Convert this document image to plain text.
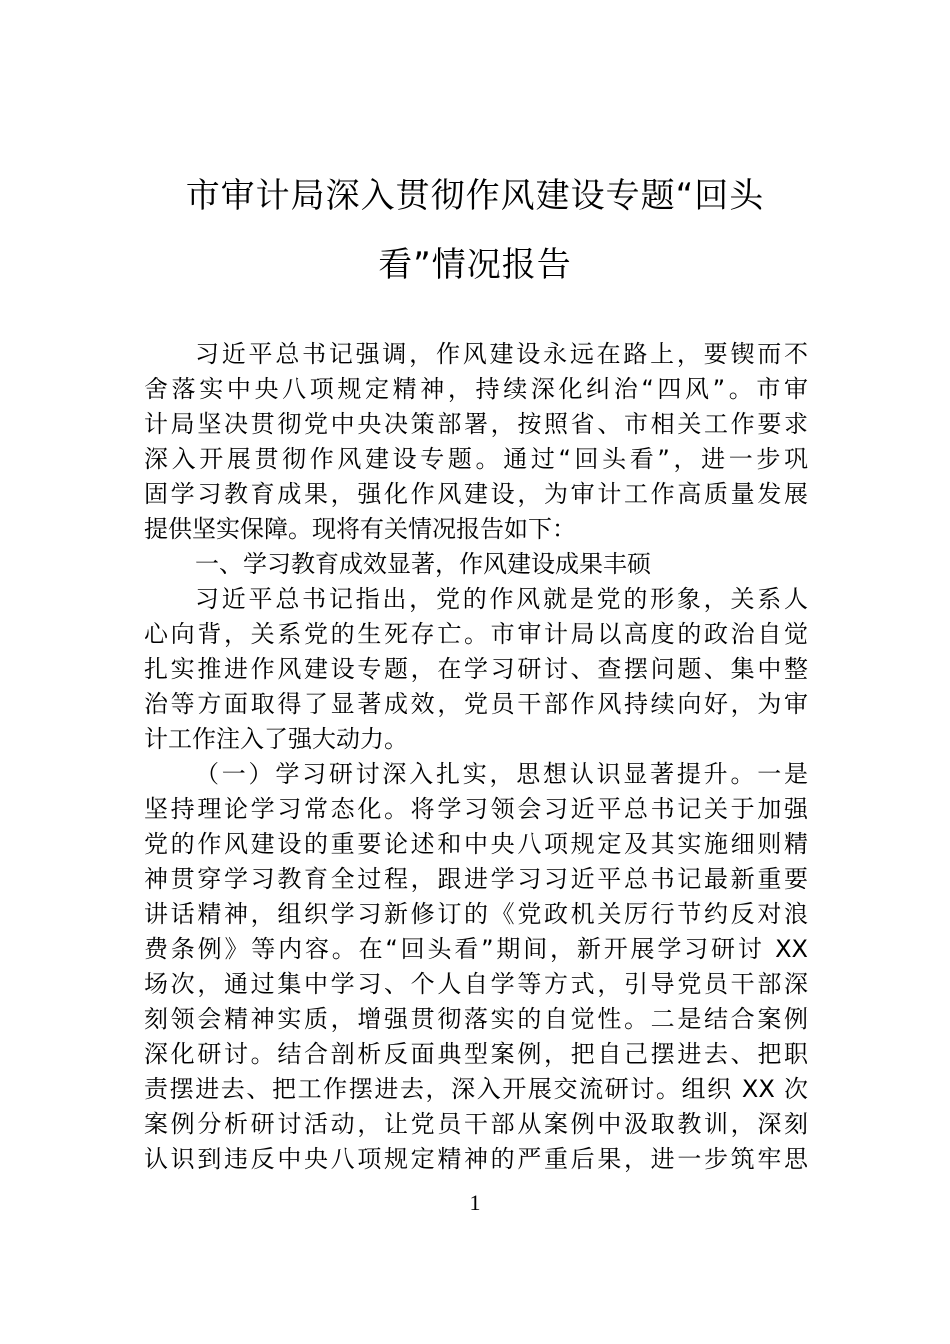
市审计局深入贯彻作风建设专题“回头
看”情况报告
习近平总书记强调，作风建设永远在路上，要锲而不
舍落实中央八项规定精神，持续深化纠治“四风”。市审
计局坚决贯彻党中央决策部署，按照省、市相关工作要求
深入开展贯彻作风建设专题。通过“回头看”，进一步巩
固学习教育成果，强化作风建设，为审计工作高质量发展
提供坚实保障。现将有关情况报告如下：
一、学习教育成效显著，作风建设成果丰硕
习近平总书记指出，党的作风就是党的形象，关系人
心向背，关系党的生死存亡。市审计局以高度的政治自觉
扎实推进作风建设专题，在学习研讨、查摆问题、集中整
治等方面取得了显著成效，党员干部作风持续向好，为审
计工作注入了强大动力。
（一）学习研讨深入扎实，思想认识显著提升。一是
坚持理论学习常态化。将学习领会习近平总书记关于加强
党的作风建设的重要论述和中央八项规定及其实施细则精
神贯穿学习教育全过程，跟进学习习近平总书记最新重要
讲话精神，组织学习新修订的《党政机关厉行节约反对浪
费条例》等内容。在“回头看”期间，新开展学习研讨 XX
场次，通过集中学习、个人自学等方式，引导党员干部深
刻领会精神实质，增强贯彻落实的自觉性。二是结合案例
深化研讨。结合剖析反面典型案例，把自己摆进去、把职
责摆进去、把工作摆进去，深入开展交流研讨。组织 XX 次
案例分析研讨活动，让党员干部从案例中汲取教训，深刻
认识到违反中央八项规定精神的严重后果，进一步筑牢思
1
